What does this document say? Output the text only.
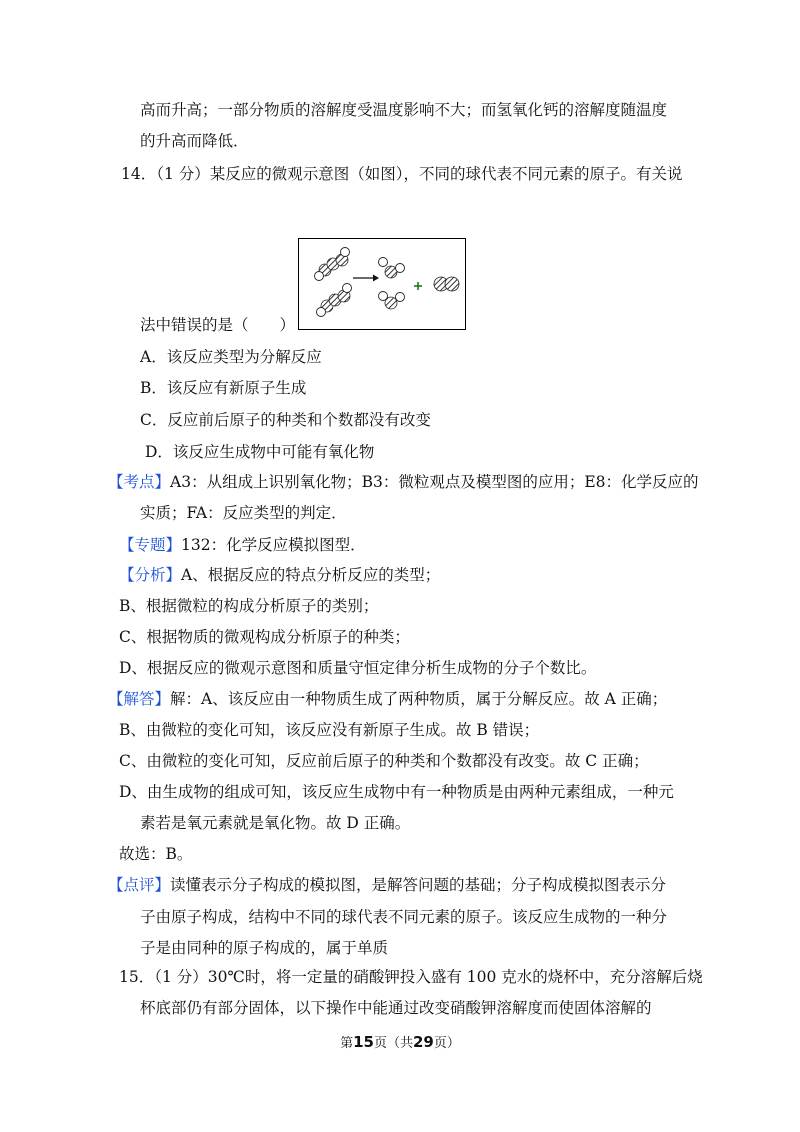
高而升高；一部分物质的溶解度受温度影响不大；而氢氧化钙的溶解度随温度
的升高而降低．
14．（1 分）某反应的微观示意图（如图），不同的球代表不同元素的原子。有关说
法中错误的是（　　）
A．该反应类型为分解反应
B．该反应有新原子生成
C．反应前后原子的种类和个数都没有改变
D．该反应生成物中可能有氧化物
【考点】A3：从组成上识别氧化物；B3：微粒观点及模型图的应用；E8：化学反应的
实质；FA：反应类型的判定．
【专题】132：化学反应模拟图型．
【分析】A、根据反应的特点分析反应的类型；
B、根据微粒的构成分析原子的类别；
C、根据物质的微观构成分析原子的种类；
D、根据反应的微观示意图和质量守恒定律分析生成物的分子个数比。
【解答】解：A、该反应由一种物质生成了两种物质，属于分解反应。故 A 正确；
B、由微粒的变化可知，该反应没有新原子生成。故 B 错误；
C、由微粒的变化可知，反应前后原子的种类和个数都没有改变。故 C 正确；
D、由生成物的组成可知，该反应生成物中有一种物质是由两种元素组成，一种元
素若是氧元素就是氧化物。故 D 正确。
故选：B。
【点评】读懂表示分子构成的模拟图，是解答问题的基础；分子构成模拟图表示分
子由原子构成，结构中不同的球代表不同元素的原子。该反应生成物的一种分
子是由同种的原子构成的，属于单质
15．（1 分）30℃时，将一定量的硝酸钾投入盛有 100 克水的烧杯中，充分溶解后烧
杯底部仍有部分固体，以下操作中能通过改变硝酸钾溶解度而使固体溶解的
第15页（共29页）
